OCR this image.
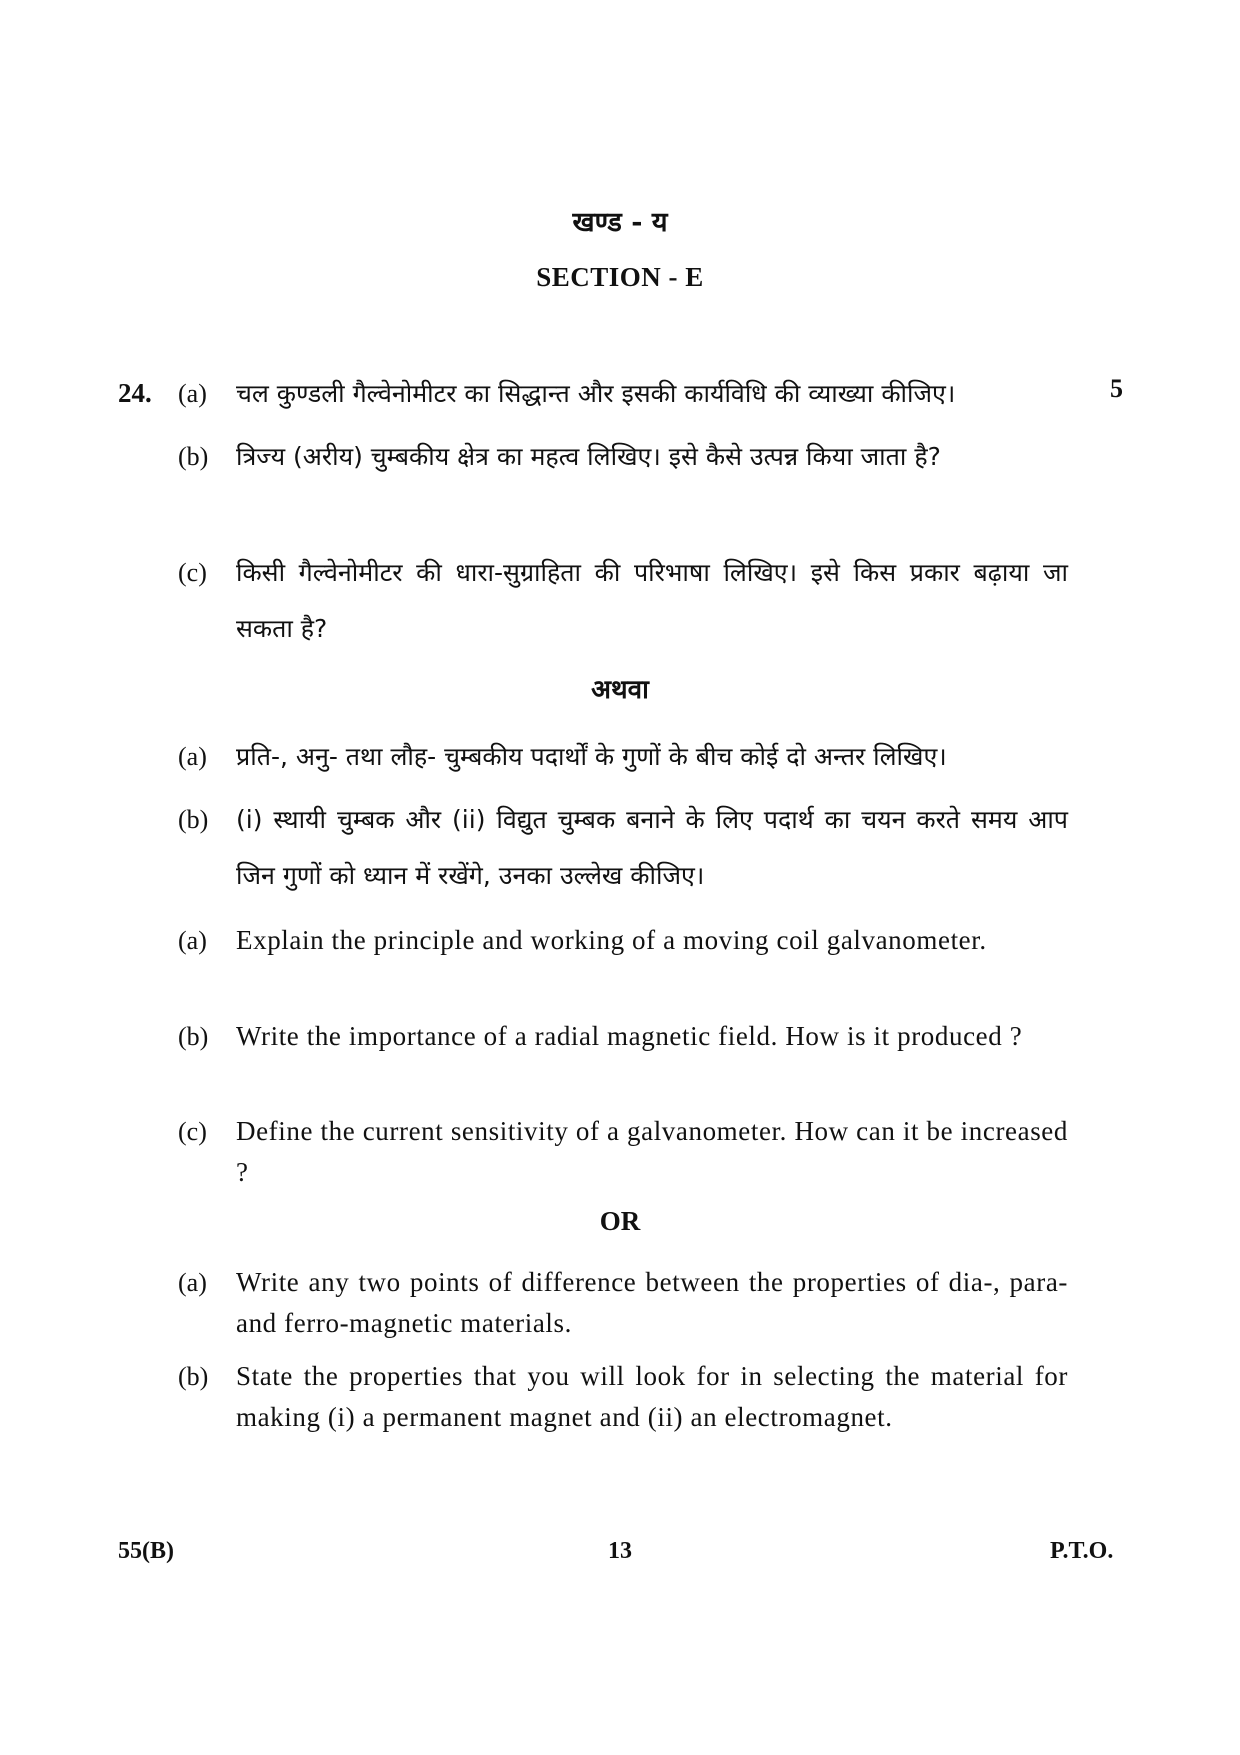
खण्ड - य
SECTION - E
24.	5
(a)	चल कुण्डली गैल्वेनोमीटर का सिद्धान्त और इसकी कार्यविधि की व्याख्या कीजिए।
(b)	त्रिज्य (अरीय) चुम्बकीय क्षेत्र का महत्व लिखिए। इसे कैसे उत्पन्न किया जाता है?
(c)	किसी गैल्वेनोमीटर की धारा-सुग्राहिता की परिभाषा लिखिए। इसे किस प्रकार बढ़ाया जा सकता है?
अथवा
(a)	प्रति-, अनु- तथा लौह- चुम्बकीय पदार्थों के गुणों के बीच कोई दो अन्तर लिखिए।
(b)	(i) स्थायी चुम्बक और (ii) विद्युत चुम्बक बनाने के लिए पदार्थ का चयन करते समय आप जिन गुणों को ध्यान में रखेंगे, उनका उल्लेख कीजिए।
(a)	Explain the principle and working of a moving coil galvanometer.
(b)	Write the importance of a radial magnetic field. How is it produced ?
(c)	Define the current sensitivity of a galvanometer. How can it be increased ?
OR
(a)	Write any two points of difference between the properties of dia-, para- and ferro-magnetic materials.
(b)	State the properties that you will look for in selecting the material for making (i) a permanent magnet and (ii) an electromagnet.
55(B)	13	P.T.O.
